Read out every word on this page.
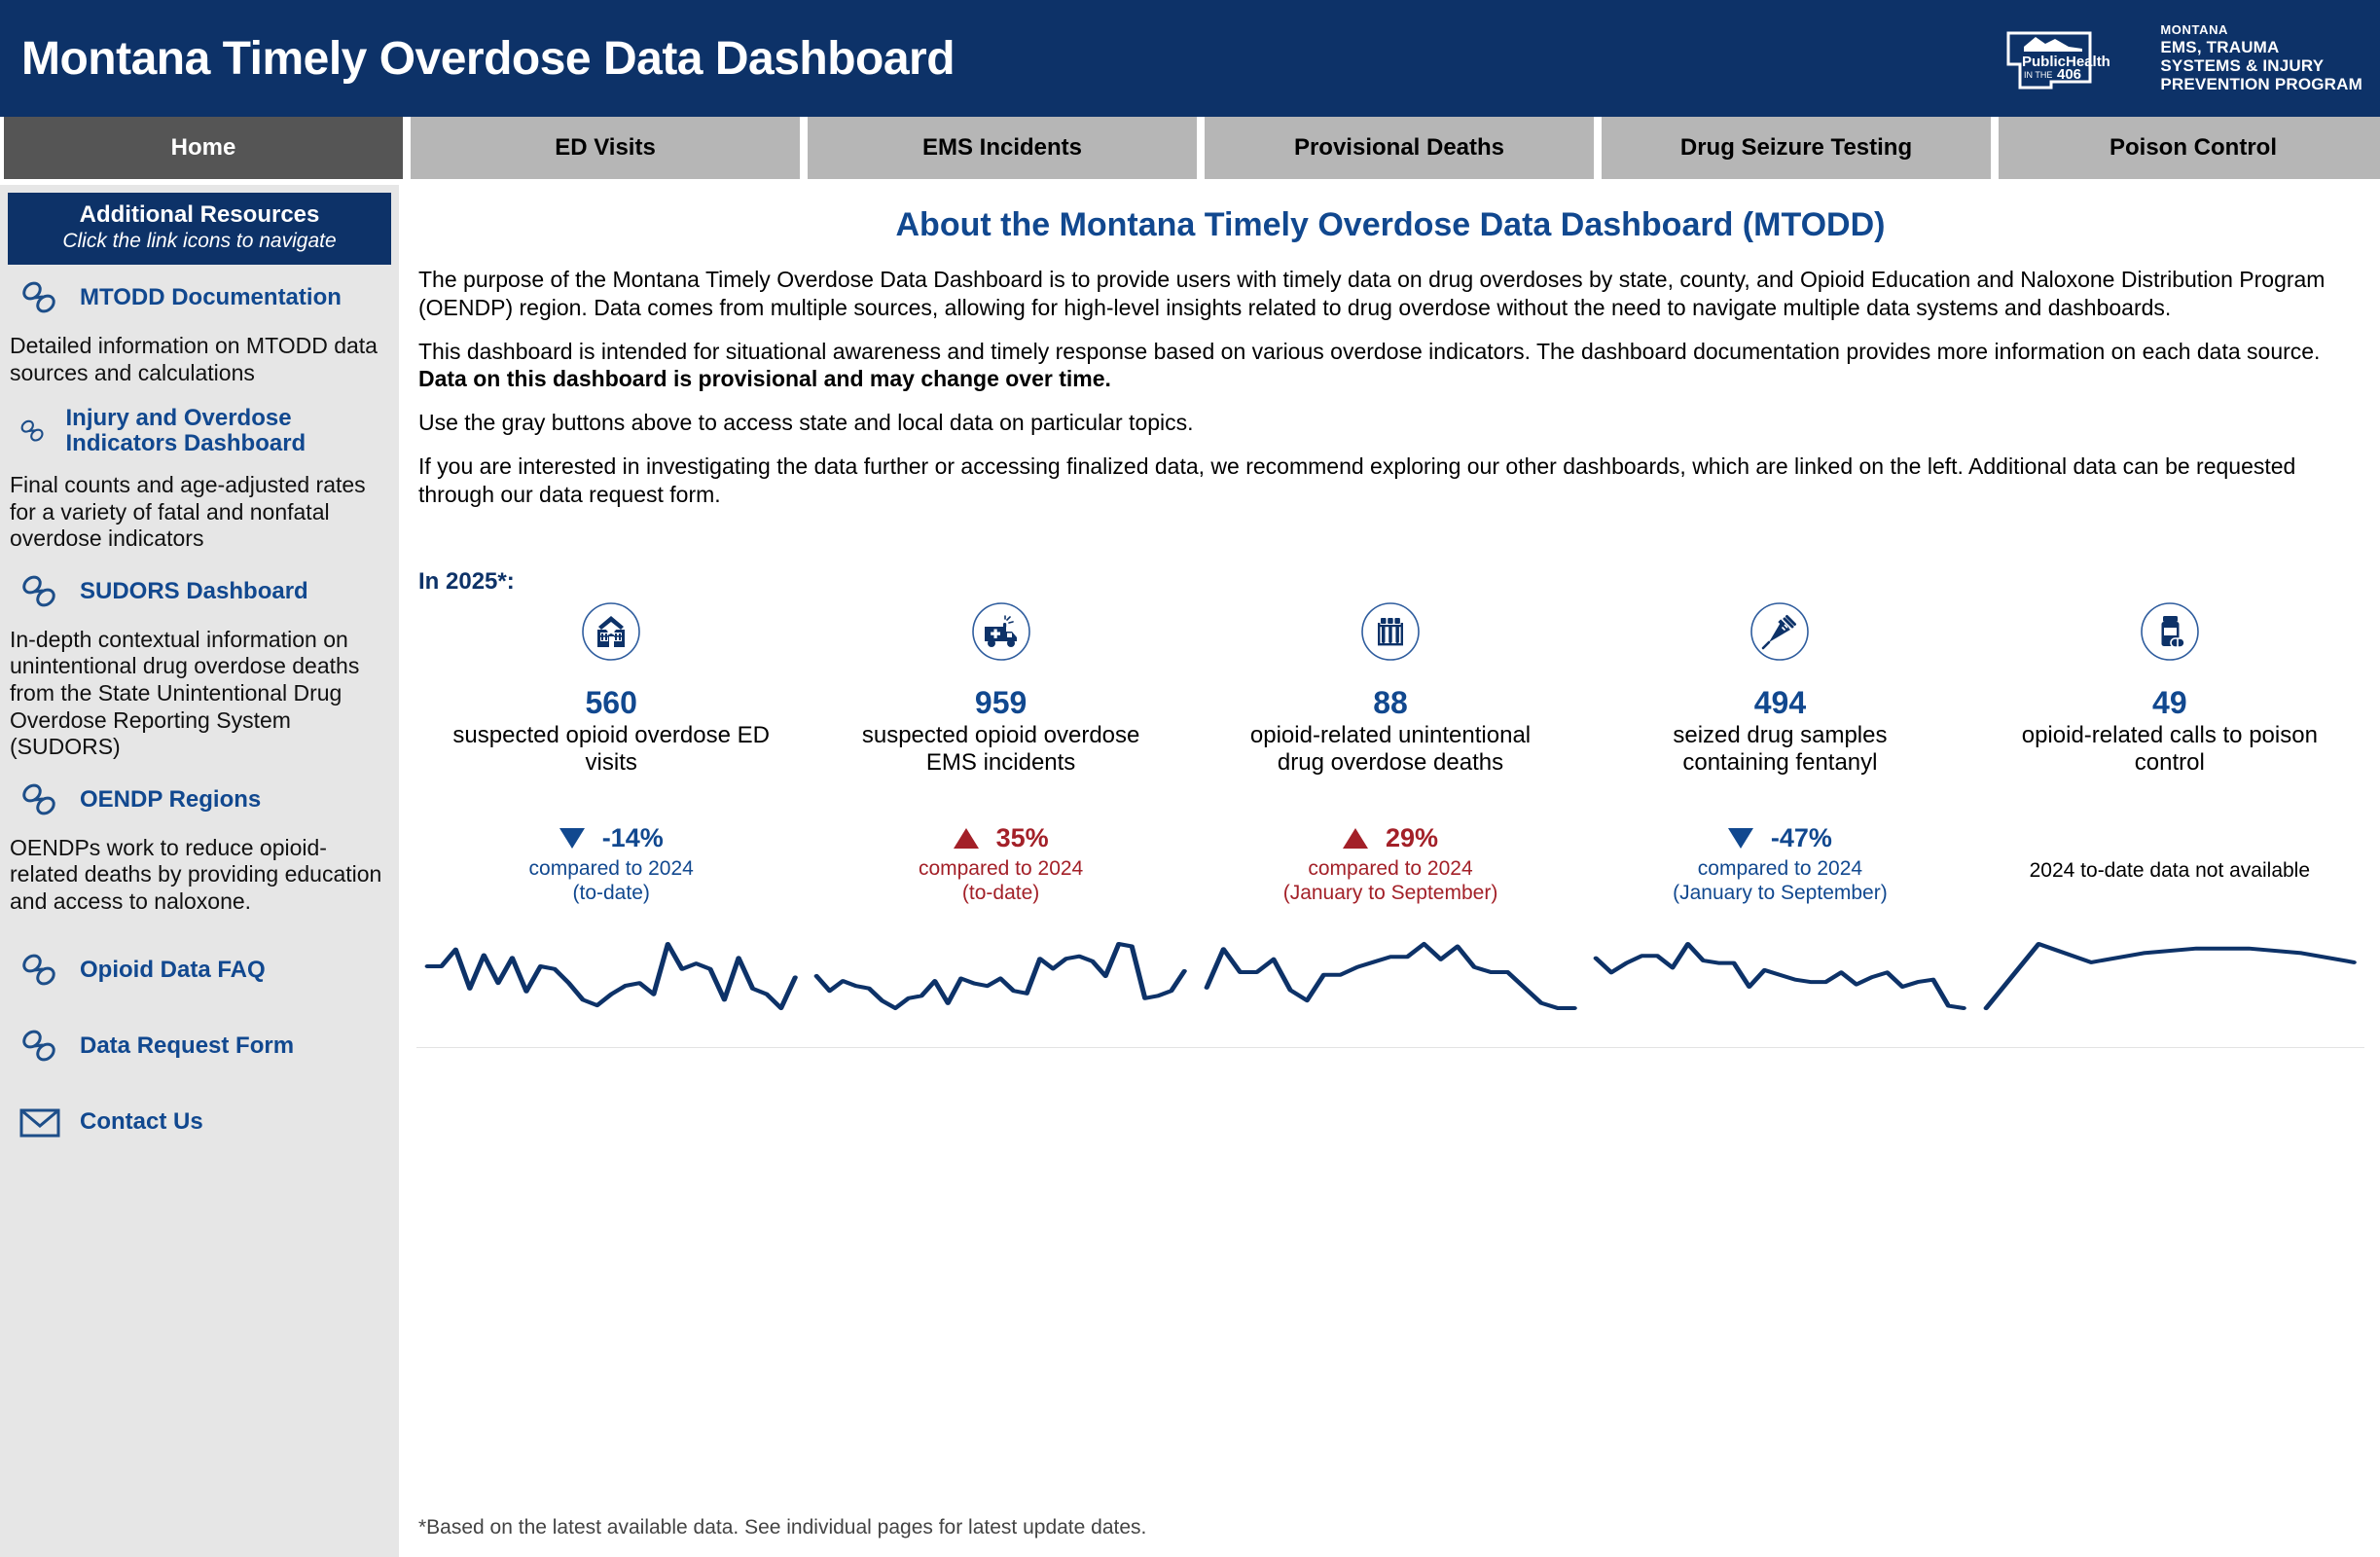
Montana Timely Overdose Data Dashboard	PublicHealth
IN THE 406
MONTANA
EMS, TRAUMA
SYSTEMS & INJURY
PREVENTION PROGRAM
Home	ED Visits	EMS Incidents	Provisional Deaths	Drug Seizure Testing	Poison Control
Additional Resources
Click the link icons to navigate
MTODD Documentation
Detailed information on MTODD data sources and calculations
Injury and Overdose Indicators Dashboard
Final counts and age-adjusted rates for a variety of fatal and nonfatal overdose indicators
SUDORS Dashboard
In-depth contextual information on unintentional drug overdose deaths from the State Unintentional Drug Overdose Reporting System (SUDORS)
OENDP Regions
OENDPs work to reduce opioid-related deaths by providing education and access to naloxone.
Opioid Data FAQ
Data Request Form
Contact Us
About the Montana Timely Overdose Data Dashboard (MTODD)
The purpose of the Montana Timely Overdose Data Dashboard is to provide users with timely data on drug overdoses by state, county, and Opioid Education and Naloxone Distribution Program (OENDP) region. Data comes from multiple sources, allowing for high-level insights related to drug overdose without the need to navigate multiple data systems and dashboards.
This dashboard is intended for situational awareness and timely response based on various overdose indicators. The dashboard documentation provides more information on each data source. Data on this dashboard is provisional and may change over time.
Use the gray buttons above to access state and local data on particular topics.
If you are interested in investigating the data further or accessing finalized data, we recommend exploring our other dashboards, which are linked on the left. Additional data can be requested through our data request form.
In 2025*:
560
suspected opioid overdose ED visits
959
suspected opioid overdose EMS incidents
88
opioid-related unintentional drug overdose deaths
494
seized drug samples containing fentanyl
49
opioid-related calls to poison control
-14%
compared to 2024
(to-date)
35%
compared to 2024
(to-date)
29%
compared to 2024
(January to September)
-47%
compared to 2024
(January to September)
2024 to-date data not available
*Based on the latest available data. See individual pages for latest update dates.
